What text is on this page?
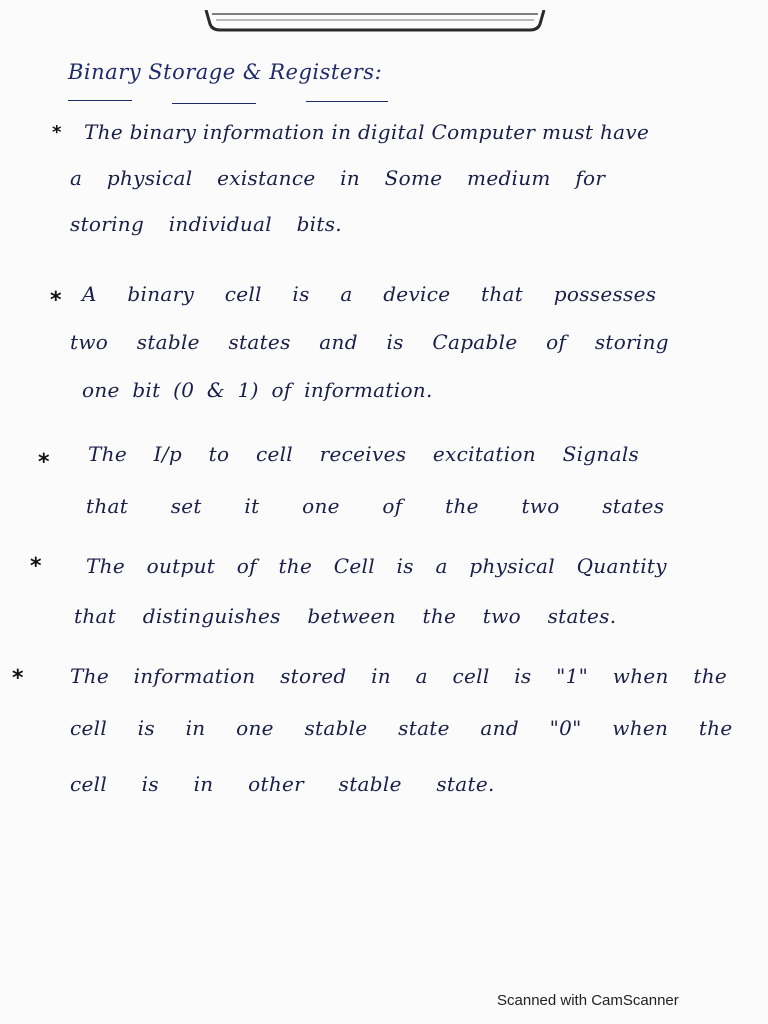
Binary Storage & Registers:
* The binary information in digital Computer must have
a physical existance in Some medium for
storing individual bits.
* A binary cell is a device that possesses
two stable states and is Capable of storing
one bit (0 & 1) of information.
* The I/p to cell receives excitation Signals
that set it one of the two states
* The output of the Cell is a physical Quantity
that distinguishes between the two states.
* The information stored in a cell is "1" when the
cell is in one stable state and "0" when the
cell is in other stable state.
Scanned with CamScanner
